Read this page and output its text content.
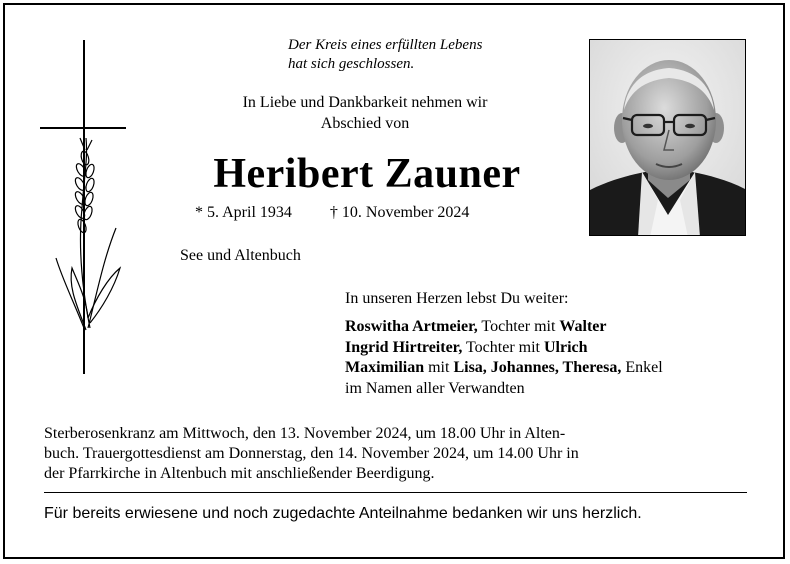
Der Kreis eines erfüllten Lebens
hat sich geschlossen.
In Liebe und Dankbarkeit nehmen wir
Abschied von
Heribert Zauner
* 5. April 1934 † 10. November 2024
See und Altenbuch
In unseren Herzen lebst Du weiter:
Roswitha Artmeier, Tochter mit Walter
Ingrid Hirtreiter, Tochter mit Ulrich
Maximilian mit Lisa, Johannes, Theresa, Enkel
im Namen aller Verwandten
Sterberosenkranz am Mittwoch, den 13. November 2024, um 18.00 Uhr in Alten-
buch. Trauergottesdienst am Donnerstag, den 14. November 2024, um 14.00 Uhr in
der Pfarrkirche in Altenbuch mit anschließender Beerdigung.
Für bereits erwiesene und noch zugedachte Anteilnahme bedanken wir uns herzlich.
